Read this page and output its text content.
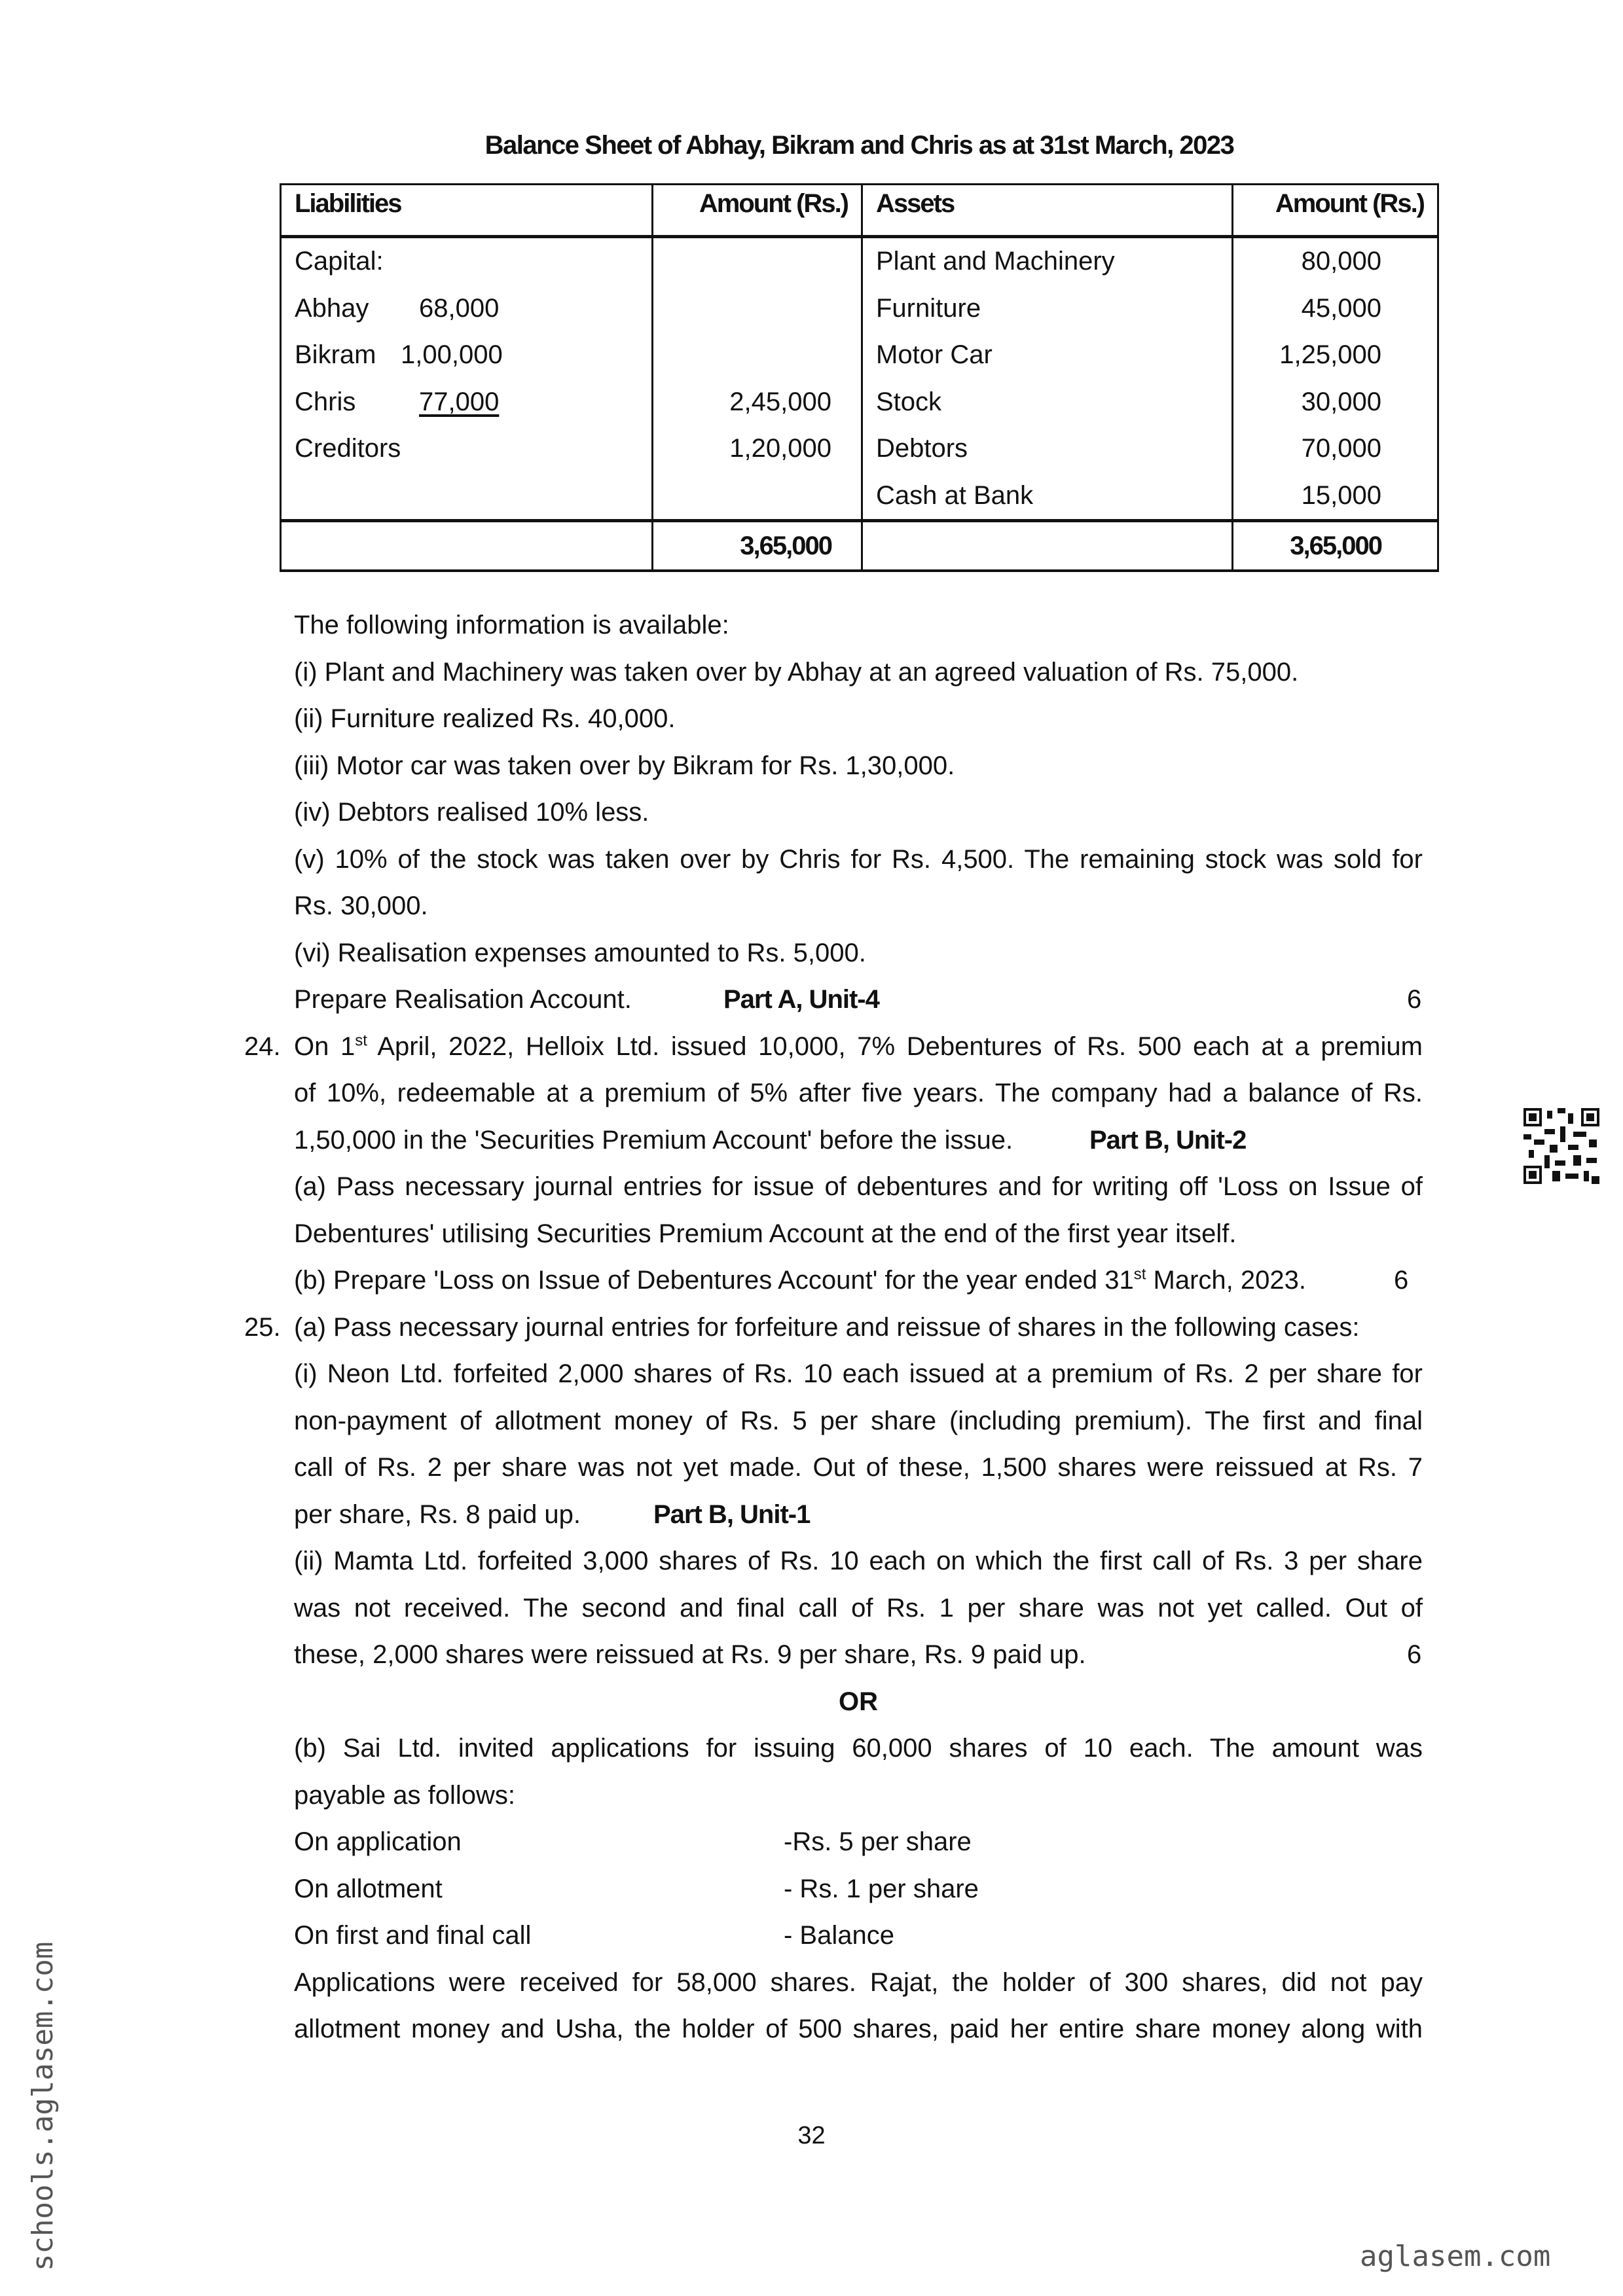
Balance Sheet of Abhay, Bikram and Chris as at 31st March, 2023
Liabilities	Amount (Rs.)	Assets	Amount (Rs.)
Capital:		Plant and Machinery	80,000
Abhay 68,000		Furniture	45,000
Bikram 1,00,000		Motor Car	1,25,000
Chris 77,000	2,45,000	Stock	30,000
Creditors	1,20,000	Debtors	70,000
		Cash at Bank	15,000
	3,65,000		3,65,000
The following information is available:
(i) Plant and Machinery was taken over by Abhay at an agreed valuation of Rs. 75,000.
(ii) Furniture realized Rs. 40,000.
(iii) Motor car was taken over by Bikram for Rs. 1,30,000.
(iv) Debtors realised 10% less.
(v) 10% of the stock was taken over by Chris for Rs. 4,500. The remaining stock was sold for
Rs. 30,000.
(vi) Realisation expenses amounted to Rs. 5,000.
Prepare Realisation Account.	Part A, Unit-4	6
24. On 1st April, 2022, Helloix Ltd. issued 10,000, 7% Debentures of Rs. 500 each at a premium
of 10%, redeemable at a premium of 5% after five years. The company had a balance of Rs.
1,50,000 in the 'Securities Premium Account' before the issue.	Part B, Unit-2
(a) Pass necessary journal entries for issue of debentures and for writing off 'Loss on Issue of
Debentures' utilising Securities Premium Account at the end of the first year itself.
(b) Prepare 'Loss on Issue of Debentures Account' for the year ended 31st March, 2023.	6
25. (a) Pass necessary journal entries for forfeiture and reissue of shares in the following cases:
(i) Neon Ltd. forfeited 2,000 shares of Rs. 10 each issued at a premium of Rs. 2 per share for
non-payment of allotment money of Rs. 5 per share (including premium). The first and final
call of Rs. 2 per share was not yet made. Out of these, 1,500 shares were reissued at Rs. 7
per share, Rs. 8 paid up.	Part B, Unit-1
(ii) Mamta Ltd. forfeited 3,000 shares of Rs. 10 each on which the first call of Rs. 3 per share
was not received. The second and final call of Rs. 1 per share was not yet called. Out of
these, 2,000 shares were reissued at Rs. 9 per share, Rs. 9 paid up.	6
OR
(b) Sai Ltd. invited applications for issuing 60,000 shares of 10 each. The amount was
payable as follows:
On application	-Rs. 5 per share
On allotment	- Rs. 1 per share
On first and final call	- Balance
Applications were received for 58,000 shares. Rajat, the holder of 300 shares, did not pay
allotment money and Usha, the holder of 500 shares, paid her entire share money along with
32
schools.aglasem.com	aglasem.com
